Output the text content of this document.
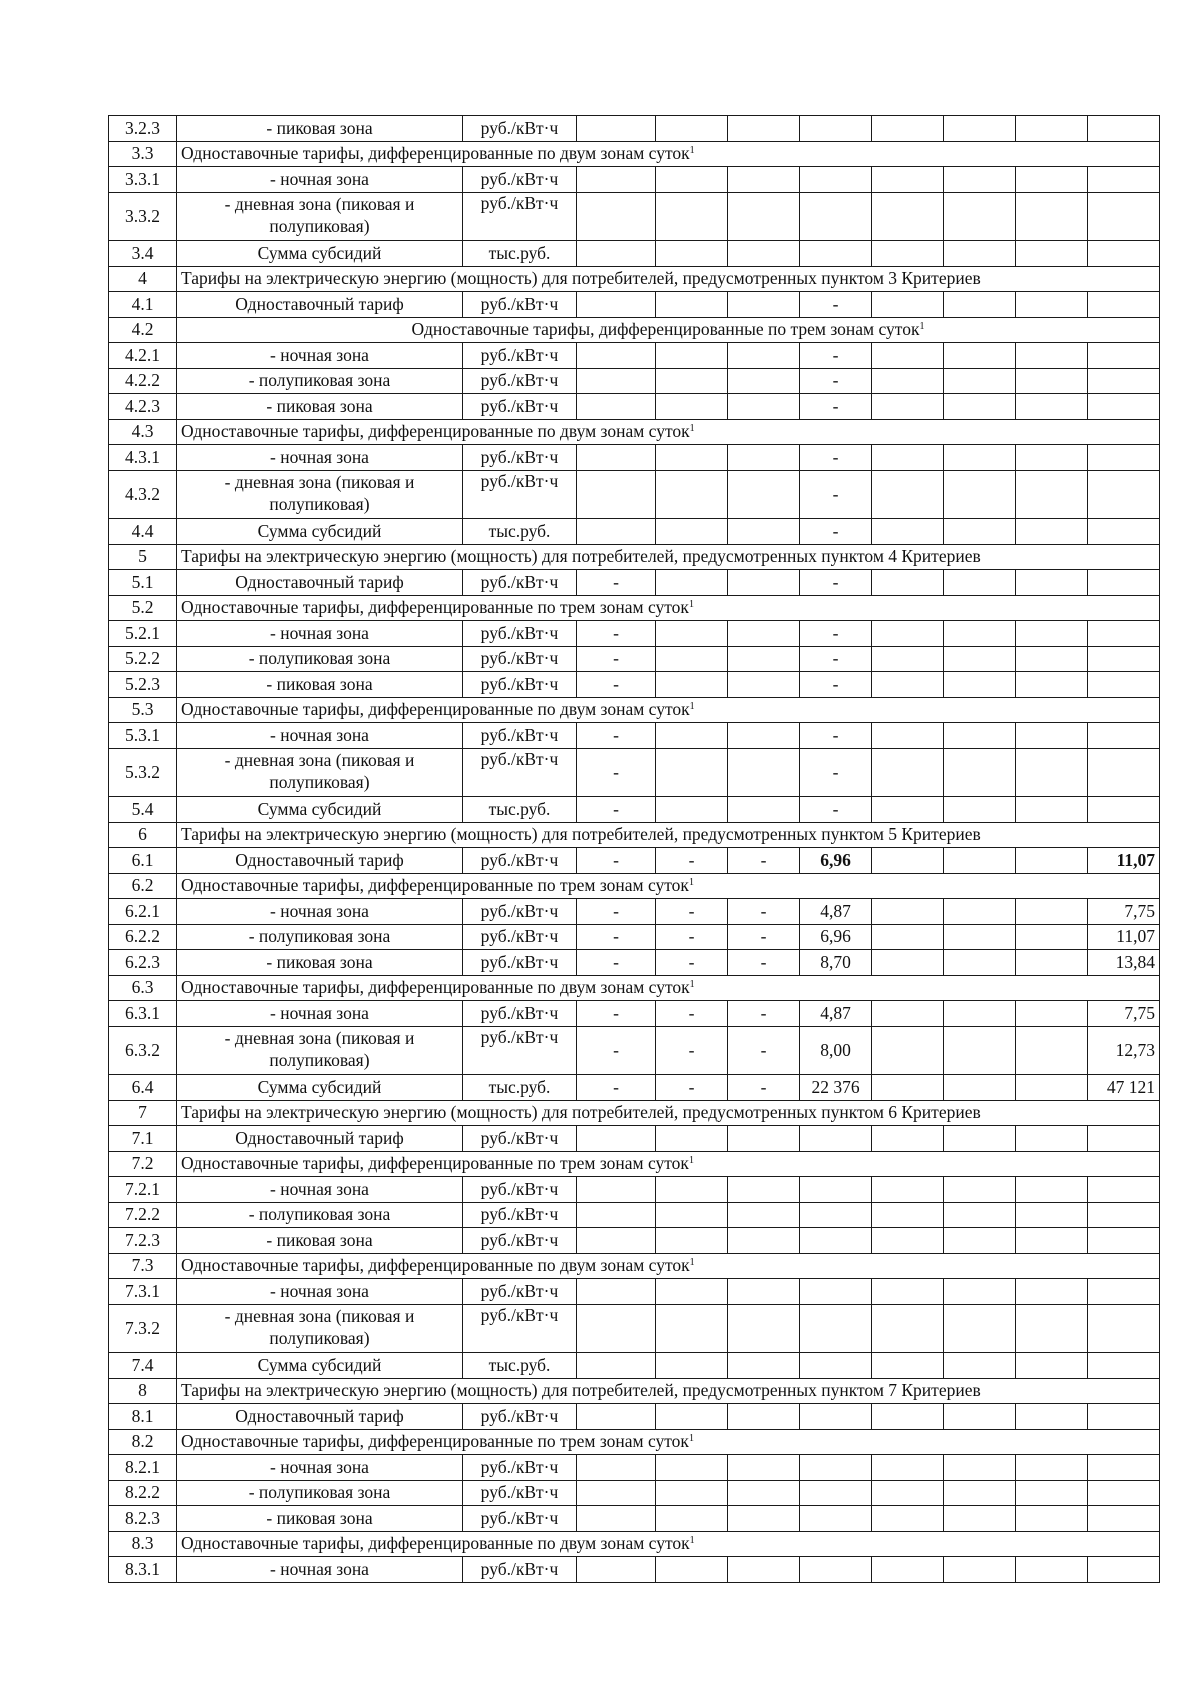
3.2.3	- пиковая зона	руб./кВт·ч								
3.3	Одноставочные тарифы, дифференцированные по двум зонам суток$^1$
3.3.1	- ночная зона	руб./кВт·ч								
3.3.2	- дневная зона (пиковая и полупиковая)	руб./кВт·ч								
3.4	Сумма субсидий	тыс.руб.								
4	Тарифы на электрическую энергию (мощность) для потребителей, предусмотренных пунктом 3 Критериев									
4.1	Одноставочный тариф	руб./кВт·ч				-				
4.2	Одноставочные тарифы, дифференцированные по трем зонам суток$^1$
4.2.1	- ночная зона	руб./кВт·ч				-				
4.2.2	- полупиковая зона	руб./кВт·ч				-				
4.2.3	- пиковая зона	руб./кВт·ч				-				
4.3	Одноставочные тарифы, дифференцированные по двум зонам суток$^1$
4.3.1	- ночная зона	руб./кВт·ч				-				
4.3.2	- дневная зона (пиковая и полупиковая)	руб./кВт·ч				-				
4.4	Сумма субсидий	тыс.руб.				-				
5	Тарифы на электрическую энергию (мощность) для потребителей, предусмотренных пунктом 4 Критериев									
5.1	Одноставочный тариф	руб./кВт·ч	-			-				
5.2	Одноставочные тарифы, дифференцированные по трем зонам суток$^1$
5.2.1	- ночная зона	руб./кВт·ч	-			-				
5.2.2	- полупиковая зона	руб./кВт·ч	-			-				
5.2.3	- пиковая зона	руб./кВт·ч	-			-				
5.3	Одноставочные тарифы, дифференцированные по двум зонам суток$^1$
5.3.1	- ночная зона	руб./кВт·ч	-			-				
5.3.2	- дневная зона (пиковая и полупиковая)	руб./кВт·ч	-			-				
5.4	Сумма субсидий	тыс.руб.	-			-				
6	Тарифы на электрическую энергию (мощность) для потребителей, предусмотренных пунктом 5 Критериев									
6.1	Одноставочный тариф	руб./кВт·ч	-	-	-	6,96				11,07
6.2	Одноставочные тарифы, дифференцированные по трем зонам суток$^1$
6.2.1	- ночная зона	руб./кВт·ч	-	-	-	4,87				7,75
6.2.2	- полупиковая зона	руб./кВт·ч	-	-	-	6,96				11,07
6.2.3	- пиковая зона	руб./кВт·ч	-	-	-	8,70				13,84
6.3	Одноставочные тарифы, дифференцированные по двум зонам суток$^1$
6.3.1	- ночная зона	руб./кВт·ч	-	-	-	4,87				7,75
6.3.2	- дневная зона (пиковая и полупиковая)	руб./кВт·ч	-	-	-	8,00				12,73
6.4	Сумма субсидий	тыс.руб.	-	-	-	22 376				47 121
7	Тарифы на электрическую энергию (мощность) для потребителей, предусмотренных пунктом 6 Критериев									
7.1	Одноставочный тариф	руб./кВт·ч								
7.2	Одноставочные тарифы, дифференцированные по трем зонам суток$^1$
7.2.1	- ночная зона	руб./кВт·ч								
7.2.2	- полупиковая зона	руб./кВт·ч								
7.2.3	- пиковая зона	руб./кВт·ч								
7.3	Одноставочные тарифы, дифференцированные по двум зонам суток$^1$
7.3.1	- ночная зона	руб./кВт·ч								
7.3.2	- дневная зона (пиковая и полупиковая)	руб./кВт·ч								
7.4	Сумма субсидий	тыс.руб.								
8	Тарифы на электрическую энергию (мощность) для потребителей, предусмотренных пунктом 7 Критериев									
8.1	Одноставочный тариф	руб./кВт·ч								
8.2	Одноставочные тарифы, дифференцированные по трем зонам суток$^1$
8.2.1	- ночная зона	руб./кВт·ч								
8.2.2	- полупиковая зона	руб./кВт·ч								
8.2.3	- пиковая зона	руб./кВт·ч								
8.3	Одноставочные тарифы, дифференцированные по двум зонам суток$^1$
8.3.1	- ночная зона	руб./кВт·ч								
